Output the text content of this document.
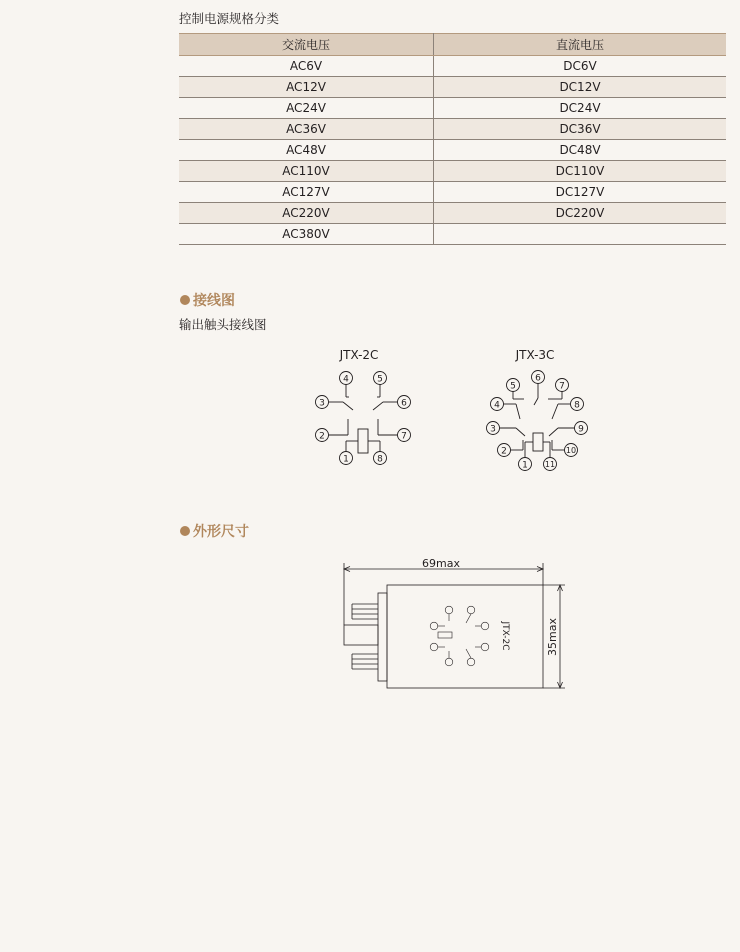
控制电源规格分类
交流电压	直流电压
AC6V	DC6V
AC12V	DC12V
AC24V	DC24V
AC36V	DC36V
AC48V	DC48V
AC110V	DC110V
AC127V	DC127V
AC220V	DC220V
AC380V	
接线图
输出触头接线图
JTX-2C
4	5
3	6
2	7
1	8
JTX-3C
6
5	7
4	8
3	9
2	10
1 11
外形尺寸
69max
35max
JTX-2C
